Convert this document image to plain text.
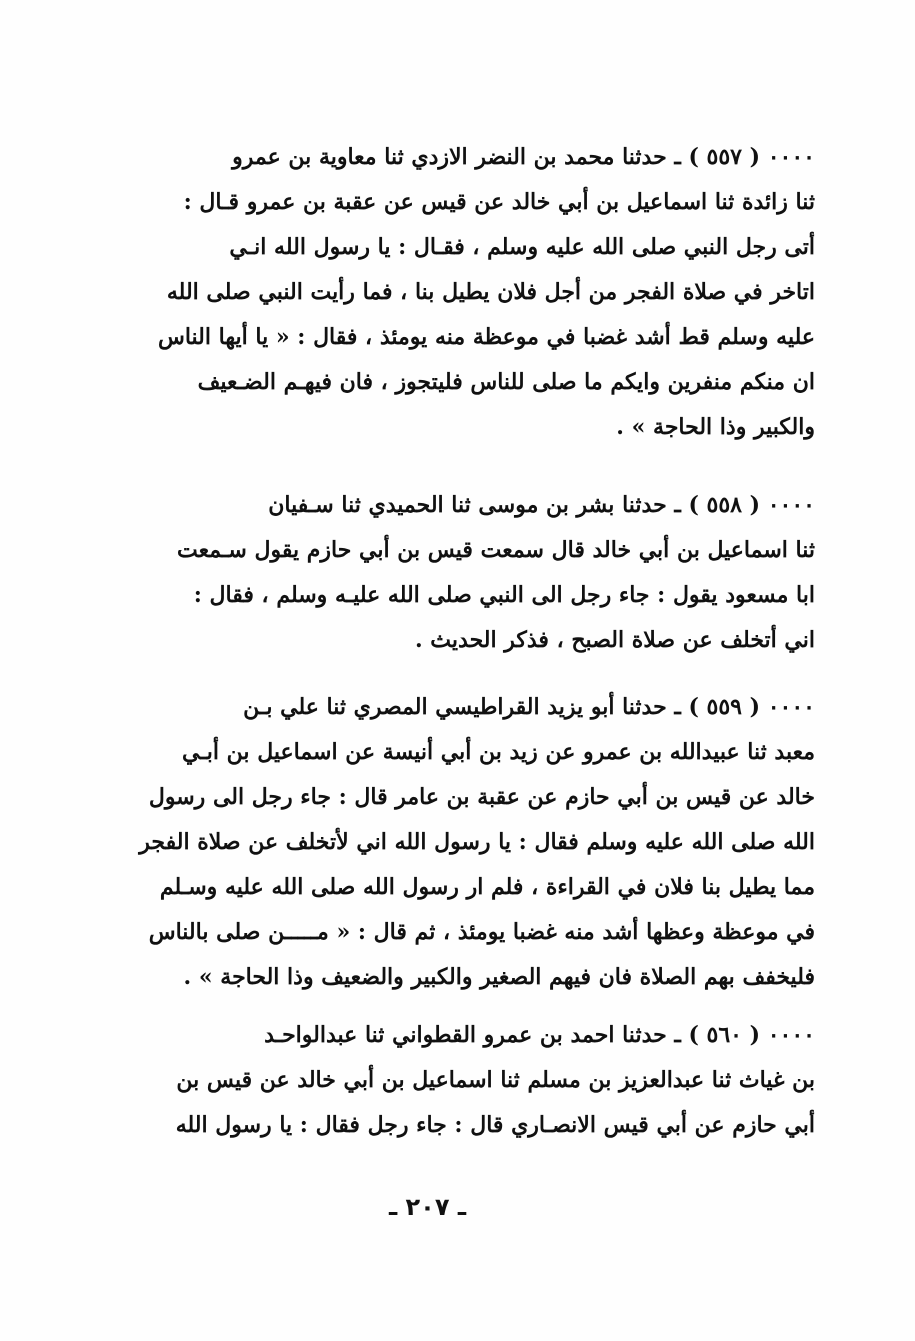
٠٠٠٠ ( ٥٥٧ ) ـ حدثنا محمد بن النضر الازدي ثنا معاوية بن عمرو
ثنا زائدة ثنا اسماعيل بن أبي خالد عن قيس عن عقبة بن عمرو قـال :
أتى رجل النبي صلى الله عليه وسلم ، فقـال : يا رسول الله انـي
اتاخر في صلاة الفجر من أجل فلان يطيل بنا ، فما رأيت النبي صلى الله
عليه وسلم قط أشد غضبا في موعظة منه يومئذ ، فقال : « يا أيها الناس
ان منكم منفرين وايكم ما صلى للناس فليتجوز ، فان فيهـم الضـعيف
والكبير وذا الحاجة » .
٠٠٠٠ ( ٥٥٨ ) ـ حدثنا بشر بن موسى ثنا الحميدي ثنا سـفيان
ثنا اسماعيل بن أبي خالد قال سمعت قيس بن أبي حازم يقول سـمعت
ابا مسعود يقول : جاء رجل الى النبي صلى الله عليـه وسلم ، فقال :
اني أتخلف عن صلاة الصبح ، فذكر الحديث .
٠٠٠٠ ( ٥٥٩ ) ـ حدثنا أبو يزيد القراطيسي المصري ثنا علي بـن
معبد ثنا عبيدالله بن عمرو عن زيد بن أبي أنيسة عن اسماعيل بن أبـي
خالد عن قيس بن أبي حازم عن عقبة بن عامر قال : جاء رجل الى رسول
الله صلى الله عليه وسلم فقال : يا رسول الله اني لأتخلف عن صلاة الفجر
مما يطيل بنا فلان في القراءة ، فلم ار رسول الله صلى الله عليه وسـلم
في موعظة وعظها أشد منه غضبا يومئذ ، ثم قال : « مـــــن صلى بالناس
فليخفف بهم الصلاة فان فيهم الصغير والكبير والضعيف وذا الحاجة » .
٠٠٠٠ ( ٥٦٠ ) ـ حدثنا احمد بن عمرو القطواني ثنا عبدالواحـد
بن غياث ثنا عبدالعزيز بن مسلم ثنا اسماعيل بن أبي خالد عن قيس بن
أبي حازم عن أبي قيس الانصـاري قال : جاء رجل فقال : يا رسول الله
ـ ٢٠٧ ـ
